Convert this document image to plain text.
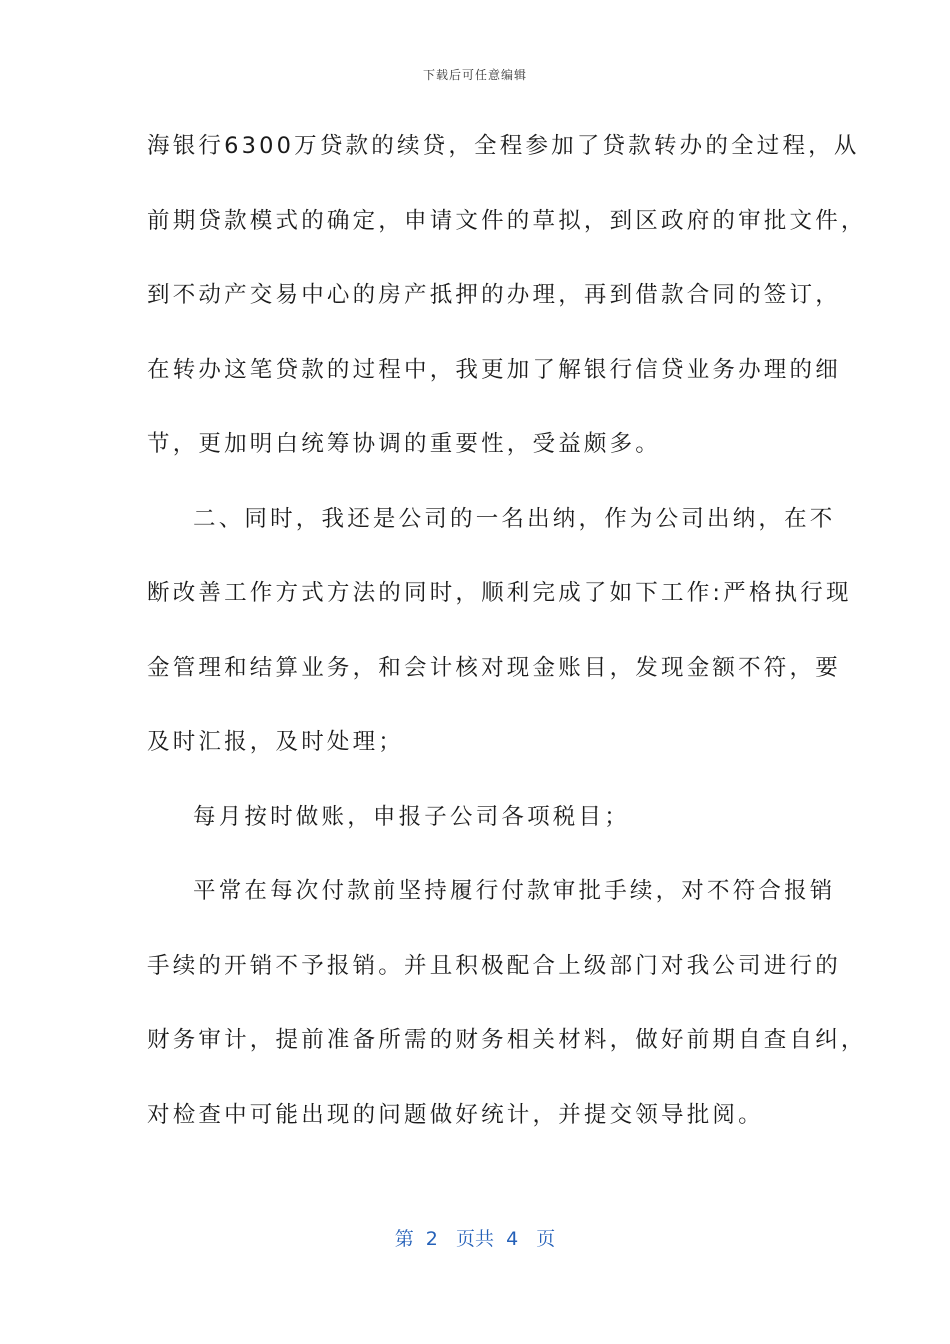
下载后可任意编辑
海银行6300万贷款的续贷，全程参加了贷款转办的全过程，从
前期贷款模式的确定，申请文件的草拟，到区政府的审批文件，
到不动产交易中心的房产抵押的办理，再到借款合同的签订，
在转办这笔贷款的过程中，我更加了解银行信贷业务办理的细
节，更加明白统筹协调的重要性，受益颇多。
二、同时，我还是公司的一名出纳，作为公司出纳，在不
断改善工作方式方法的同时，顺利完成了如下工作:严格执行现
金管理和结算业务，和会计核对现金账目，发现金额不符，要
及时汇报，及时处理；
每月按时做账，申报子公司各项税目；
平常在每次付款前坚持履行付款审批手续，对不符合报销
手续的开销不予报销。并且积极配合上级部门对我公司进行的
财务审计，提前准备所需的财务相关材料，做好前期自查自纠，
对检查中可能出现的问题做好统计，并提交领导批阅。
第  2   页共  4   页
